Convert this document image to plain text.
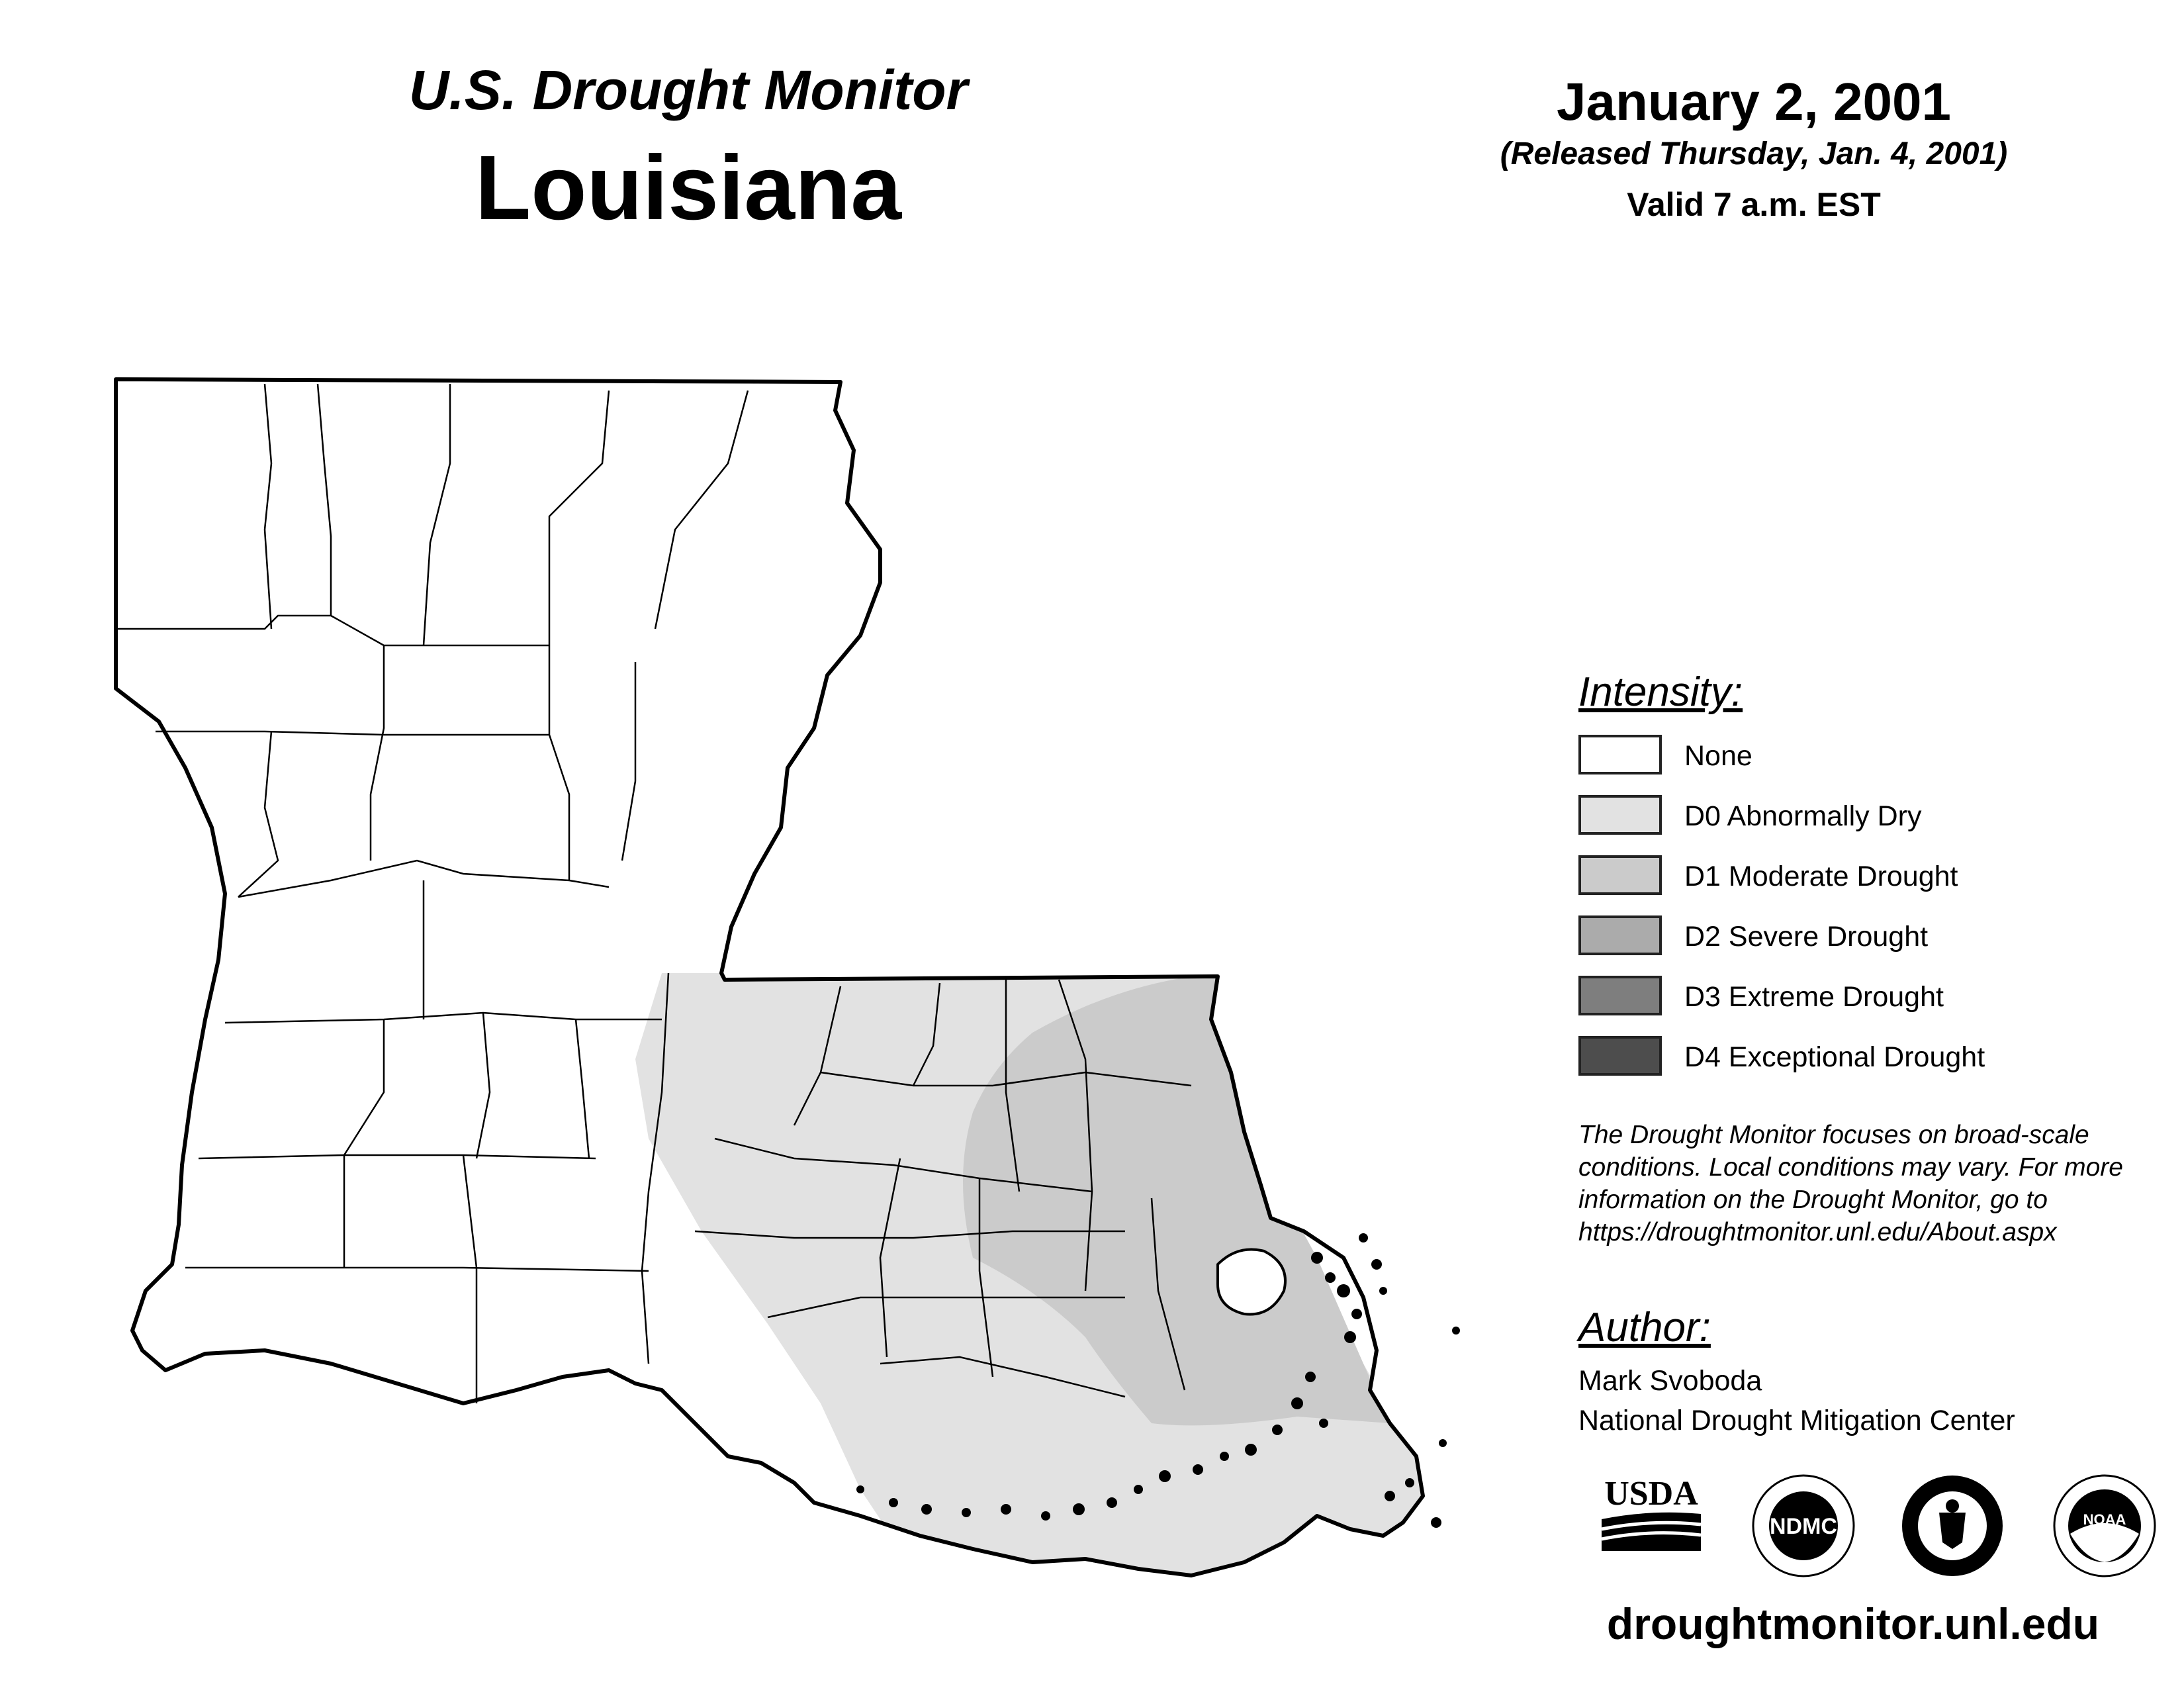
U.S. Drought Monitor
Louisiana
January 2, 2001
(Released Thursday, Jan. 4, 2001)
Valid 7 a.m. EST
Intensity:
None
D0 Abnormally Dry
D1 Moderate Drought
D2 Severe Drought
D3 Extreme Drought
D4 Exceptional Drought
The Drought Monitor focuses on broad-scale conditions. Local conditions may vary. For more information on the Drought Monitor, go to https://droughtmonitor.unl.edu/About.aspx
Author:
Mark Svoboda
National Drought Mitigation Center
USDA
NDMC	NOAA
droughtmonitor.unl.edu
